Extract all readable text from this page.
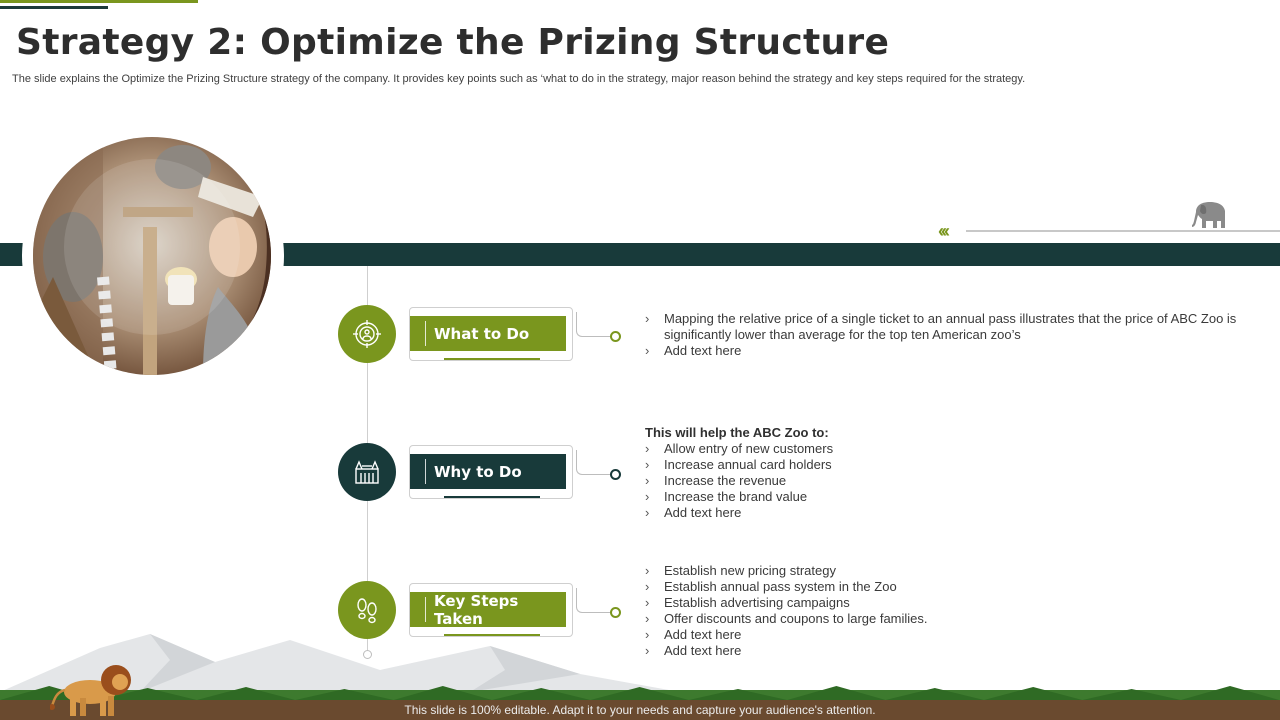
Strategy 2: Optimize the Prizing Structure
The slide explains the Optimize the Prizing Structure strategy of the company. It provides key points such as ‘what to do in the strategy, major reason behind the strategy and key steps required for the strategy.
‹‹‹
What to Do
› Mapping the relative price of a single ticket to an annual pass illustrates that the price of ABC Zoo is significantly lower than average for the top ten American zoo’s
› Add text here
Why to Do
This will help the ABC Zoo to:
› Allow entry of new customers
› Increase annual card holders
› Increase the revenue
› Increase the brand value
› Add text here
Key Steps Taken
› Establish new pricing strategy
› Establish annual pass system in the Zoo
› Establish advertising campaigns
› Offer discounts and coupons to large families.
› Add text here
› Add text here
This slide is 100% editable. Adapt it to your needs and capture your audience's attention.
